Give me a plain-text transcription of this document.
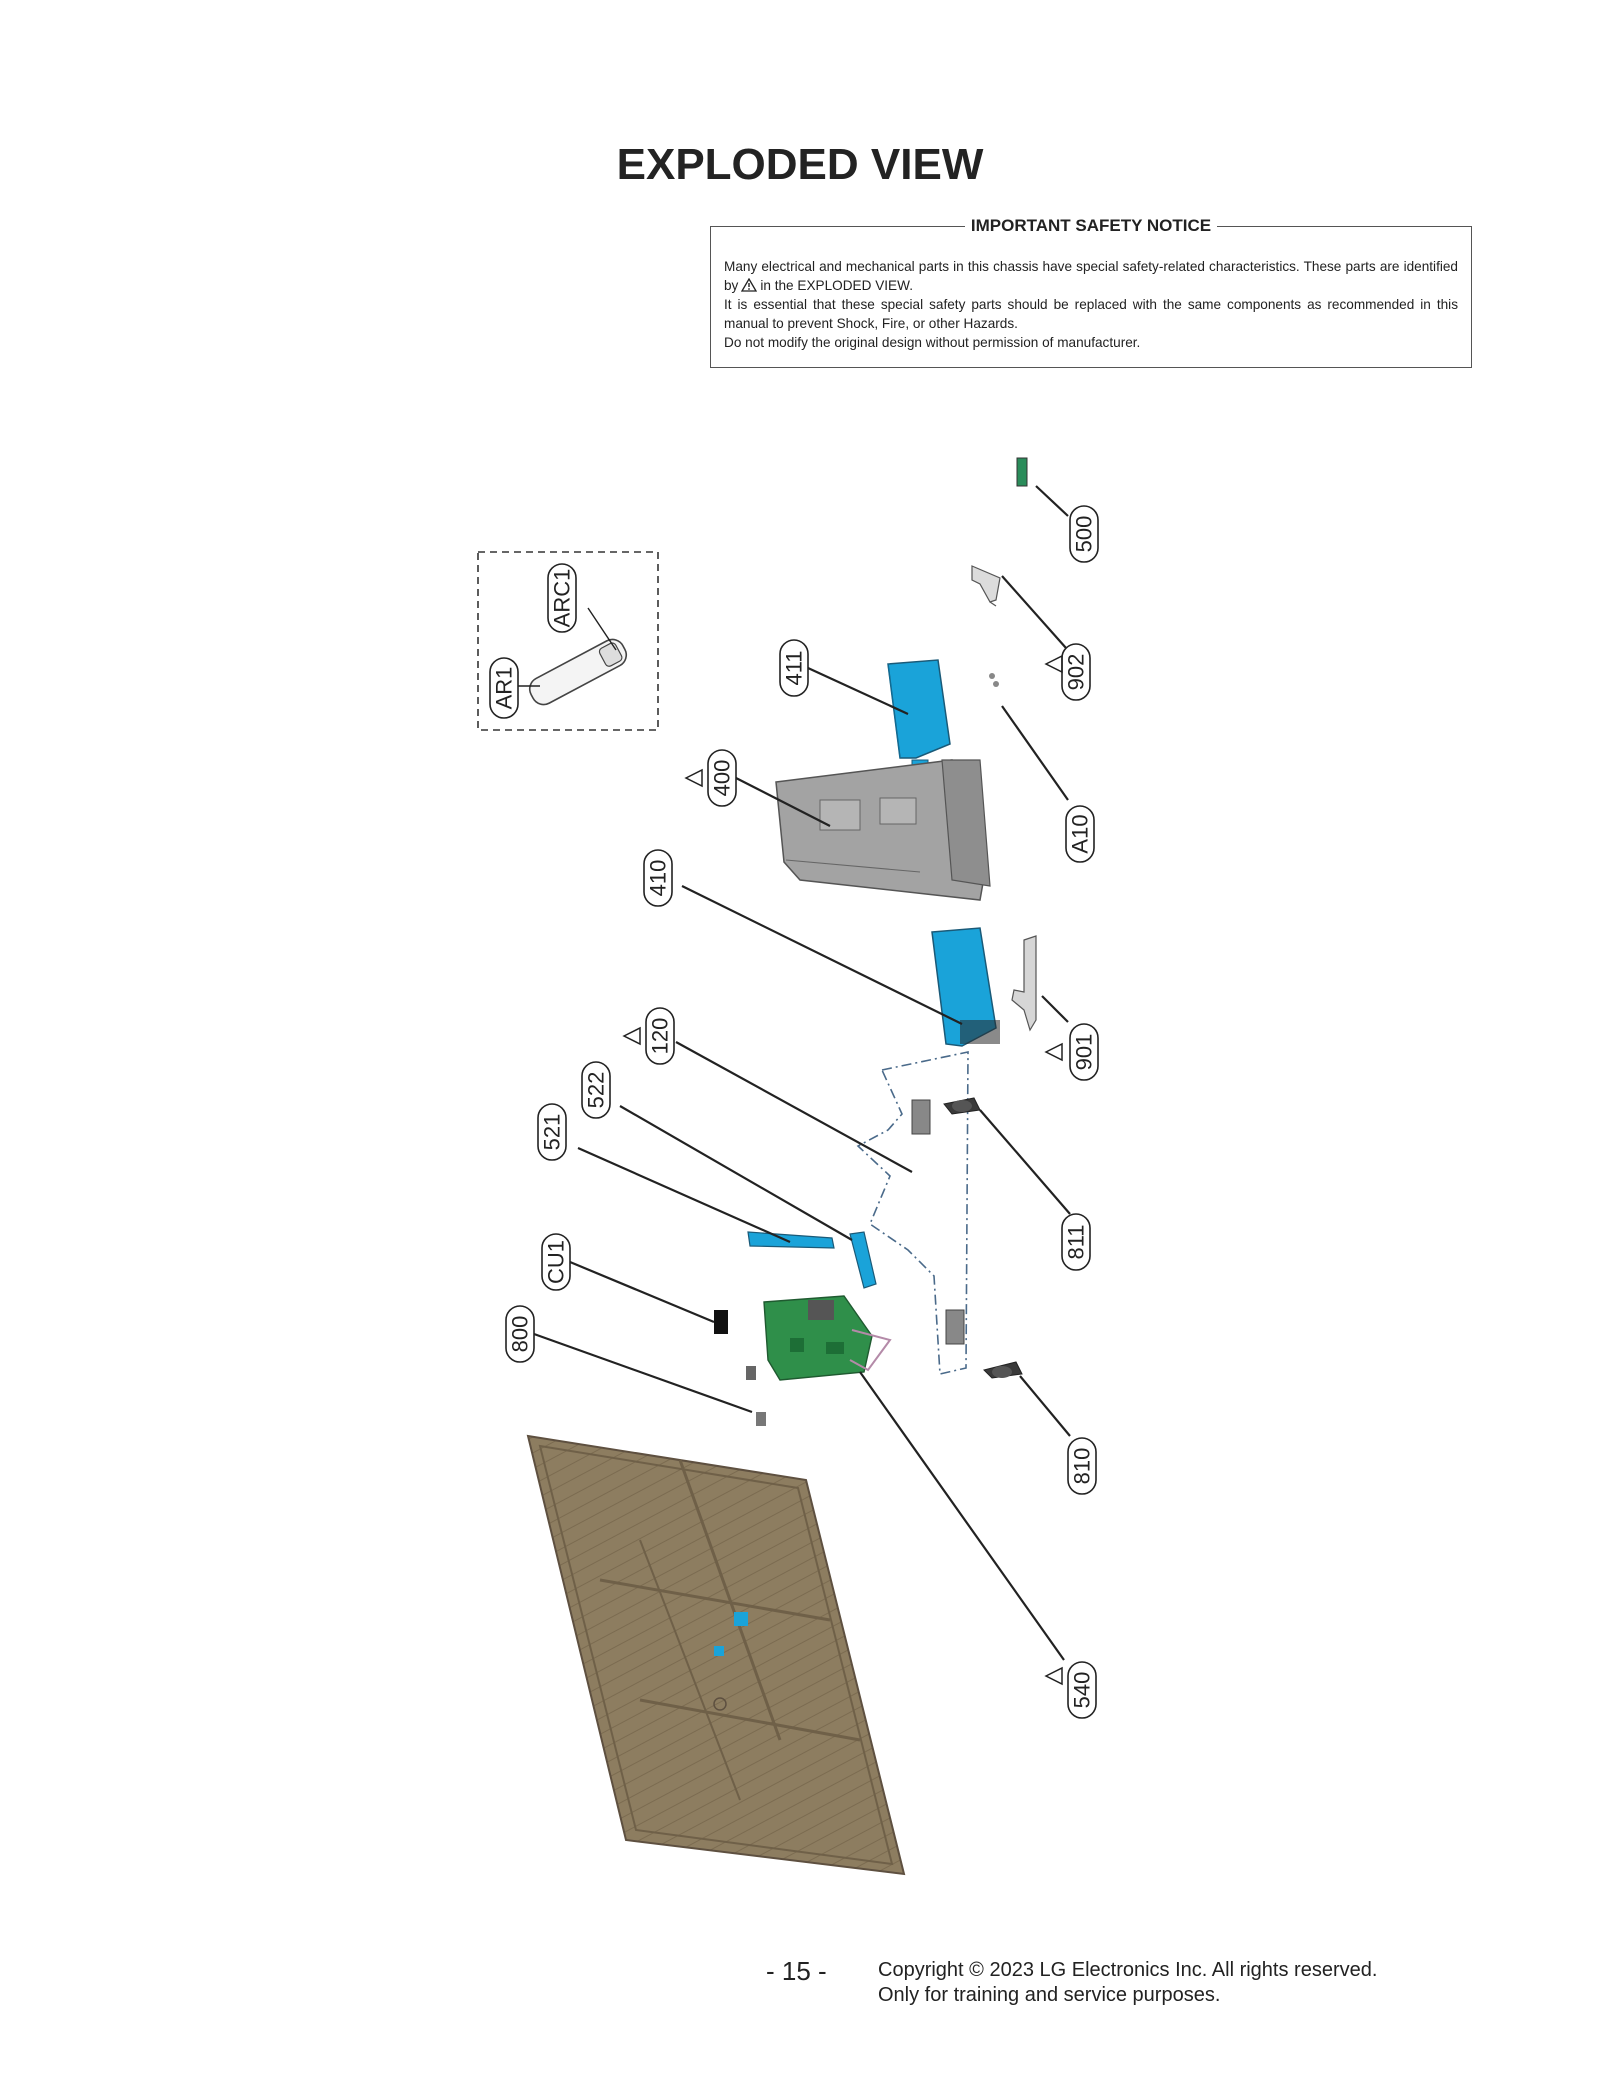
EXPLODED VIEW
IMPORTANT SAFETY NOTICE

Many electrical and mechanical parts in this chassis have special safety-related characteristics. These parts are identified by in the EXPLODED VIEW.

It is essential that these special safety parts should be replaced with the same components as recommended in this manual to prevent Shock, Fire, or other Hazards.

Do not modify the original design without permission of manufacturer.

500
902
ARC1
AR1	411
400
A10
410
120	901
522
521
811
CU1
800
810
540
- 15 -	Copyright © 2023 LG Electronics Inc. All rights reserved.
Only for training and service purposes.
